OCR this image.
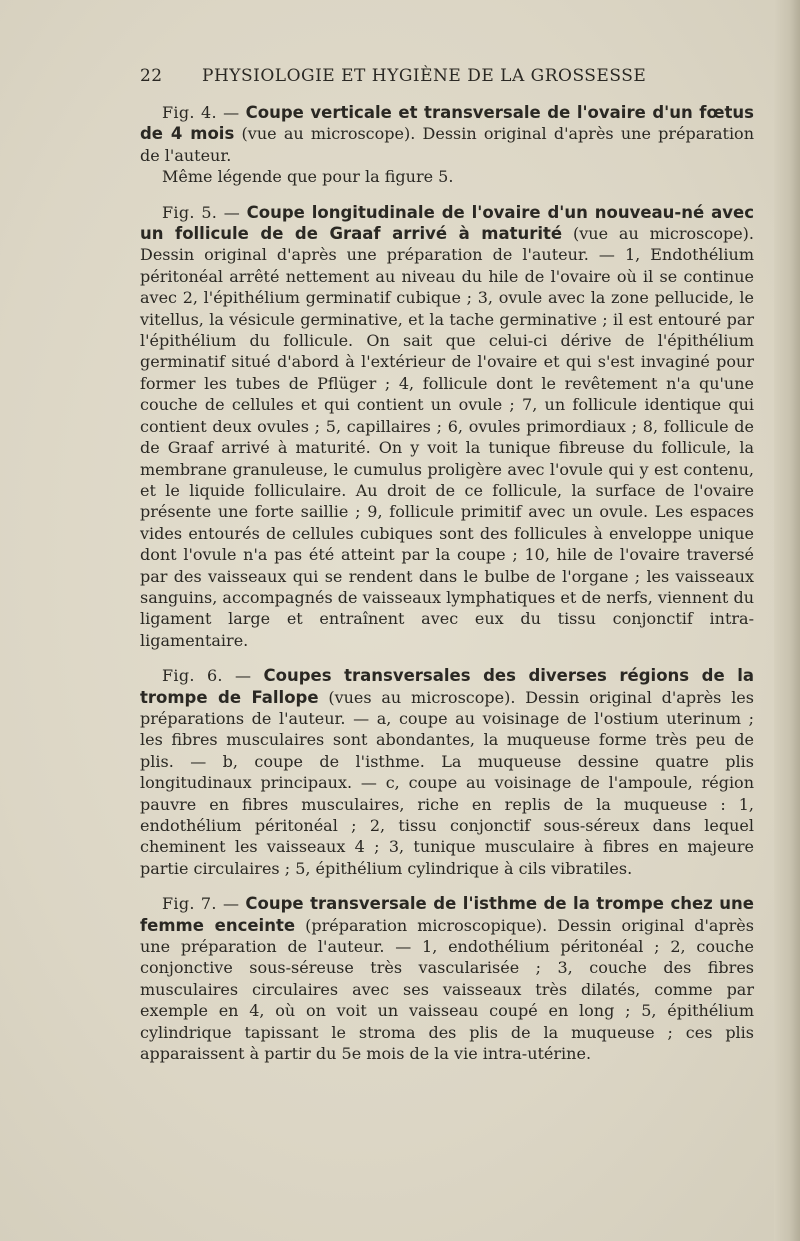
22 PHYSIOLOGIE ET HYGIÈNE DE LA GROSSESSE

Fig. 4. — Coupe verticale et transversale de l'ovaire d'un fœtus de 4 mois (vue au microscope). Dessin original d'après une préparation de l'auteur.

Même légende que pour la figure 5.

Fig. 5. — Coupe longitudinale de l'ovaire d'un nouveau-né avec un follicule de de Graaf arrivé à maturité (vue au microscope). Dessin original d'après une préparation de l'auteur. — 1, Endothélium péritonéal arrêté nettement au niveau du hile de l'ovaire où il se continue avec 2, l'épithélium germinatif cubique ; 3, ovule avec la zone pellucide, le vitellus, la vésicule germinative, et la tache germinative ; il est entouré par l'épithélium du follicule. On sait que celui-ci dérive de l'épithélium germinatif situé d'abord à l'extérieur de l'ovaire et qui s'est invaginé pour former les tubes de Pflüger ; 4, follicule dont le revêtement n'a qu'une couche de cellules et qui contient un ovule ; 7, un follicule identique qui contient deux ovules ; 5, capillaires ; 6, ovules primordiaux ; 8, follicule de de Graaf arrivé à maturité. On y voit la tunique fibreuse du follicule, la membrane granuleuse, le cumulus proligère avec l'ovule qui y est contenu, et le liquide folliculaire. Au droit de ce follicule, la surface de l'ovaire présente une forte saillie ; 9, follicule primitif avec un ovule. Les espaces vides entourés de cellules cubiques sont des follicules à enveloppe unique dont l'ovule n'a pas été atteint par la coupe ; 10, hile de l'ovaire traversé par des vaisseaux qui se rendent dans le bulbe de l'organe ; les vaisseaux sanguins, accompagnés de vaisseaux lymphatiques et de nerfs, viennent du ligament large et entraînent avec eux du tissu conjonctif intra-ligamentaire.

Fig. 6. — Coupes transversales des diverses régions de la trompe de Fallope (vues au microscope). Dessin original d'après les préparations de l'auteur. — a, coupe au voisinage de l'ostium uterinum ; les fibres musculaires sont abondantes, la muqueuse forme très peu de plis. — b, coupe de l'isthme. La muqueuse dessine quatre plis longitudinaux principaux. — c, coupe au voisinage de l'ampoule, région pauvre en fibres musculaires, riche en replis de la muqueuse : 1, endothélium péritonéal ; 2, tissu conjonctif sous-séreux dans lequel cheminent les vaisseaux 4 ; 3, tunique musculaire à fibres en majeure partie circulaires ; 5, épithélium cylindrique à cils vibratiles.

Fig. 7. — Coupe transversale de l'isthme de la trompe chez une femme enceinte (préparation microscopique). Dessin original d'après une préparation de l'auteur. — 1, endothélium péritonéal ; 2, couche conjonctive sous-séreuse très vascularisée ; 3, couche des fibres musculaires circulaires avec ses vaisseaux très dilatés, comme par exemple en 4, où on voit un vaisseau coupé en long ; 5, épithélium cylindrique tapissant le stroma des plis de la muqueuse ; ces plis apparaissent à partir du 5e mois de la vie intra-utérine.
